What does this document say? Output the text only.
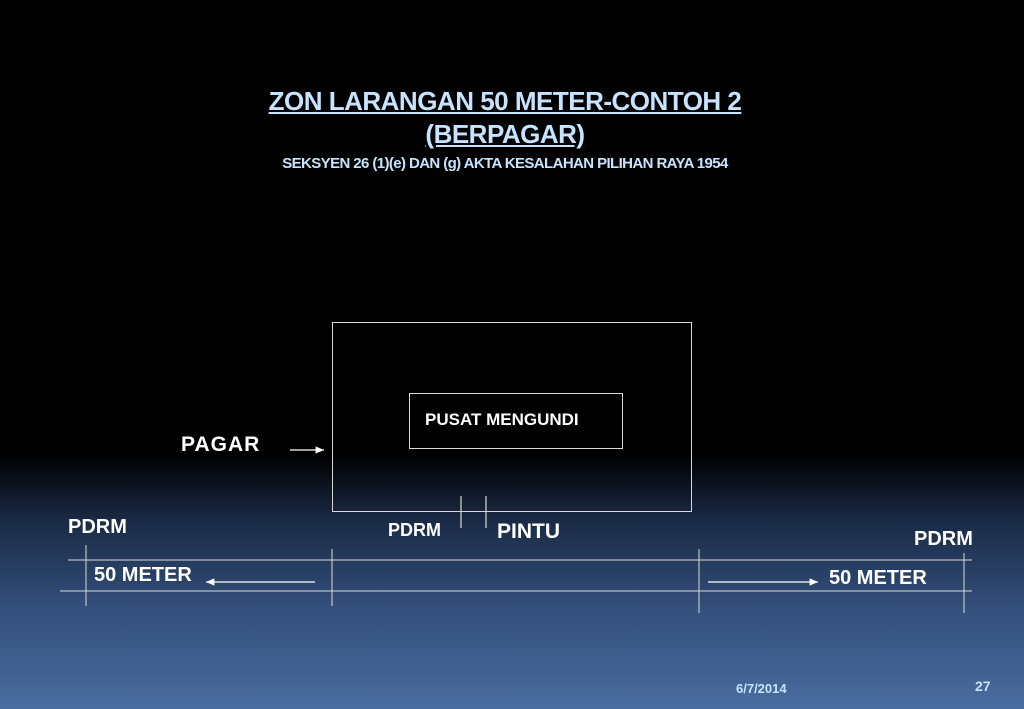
ZON LARANGAN 50 METER-CONTOH 2
(BERPAGAR)
SEKSYEN 26 (1)(e) DAN (g) AKTA KESALAHAN PILIHAN RAYA 1954
PUSAT MENGUNDI
PAGAR
PDRM	PDRM	PINTU	PDRM
50 METER	50 METER
6/7/2014	27
